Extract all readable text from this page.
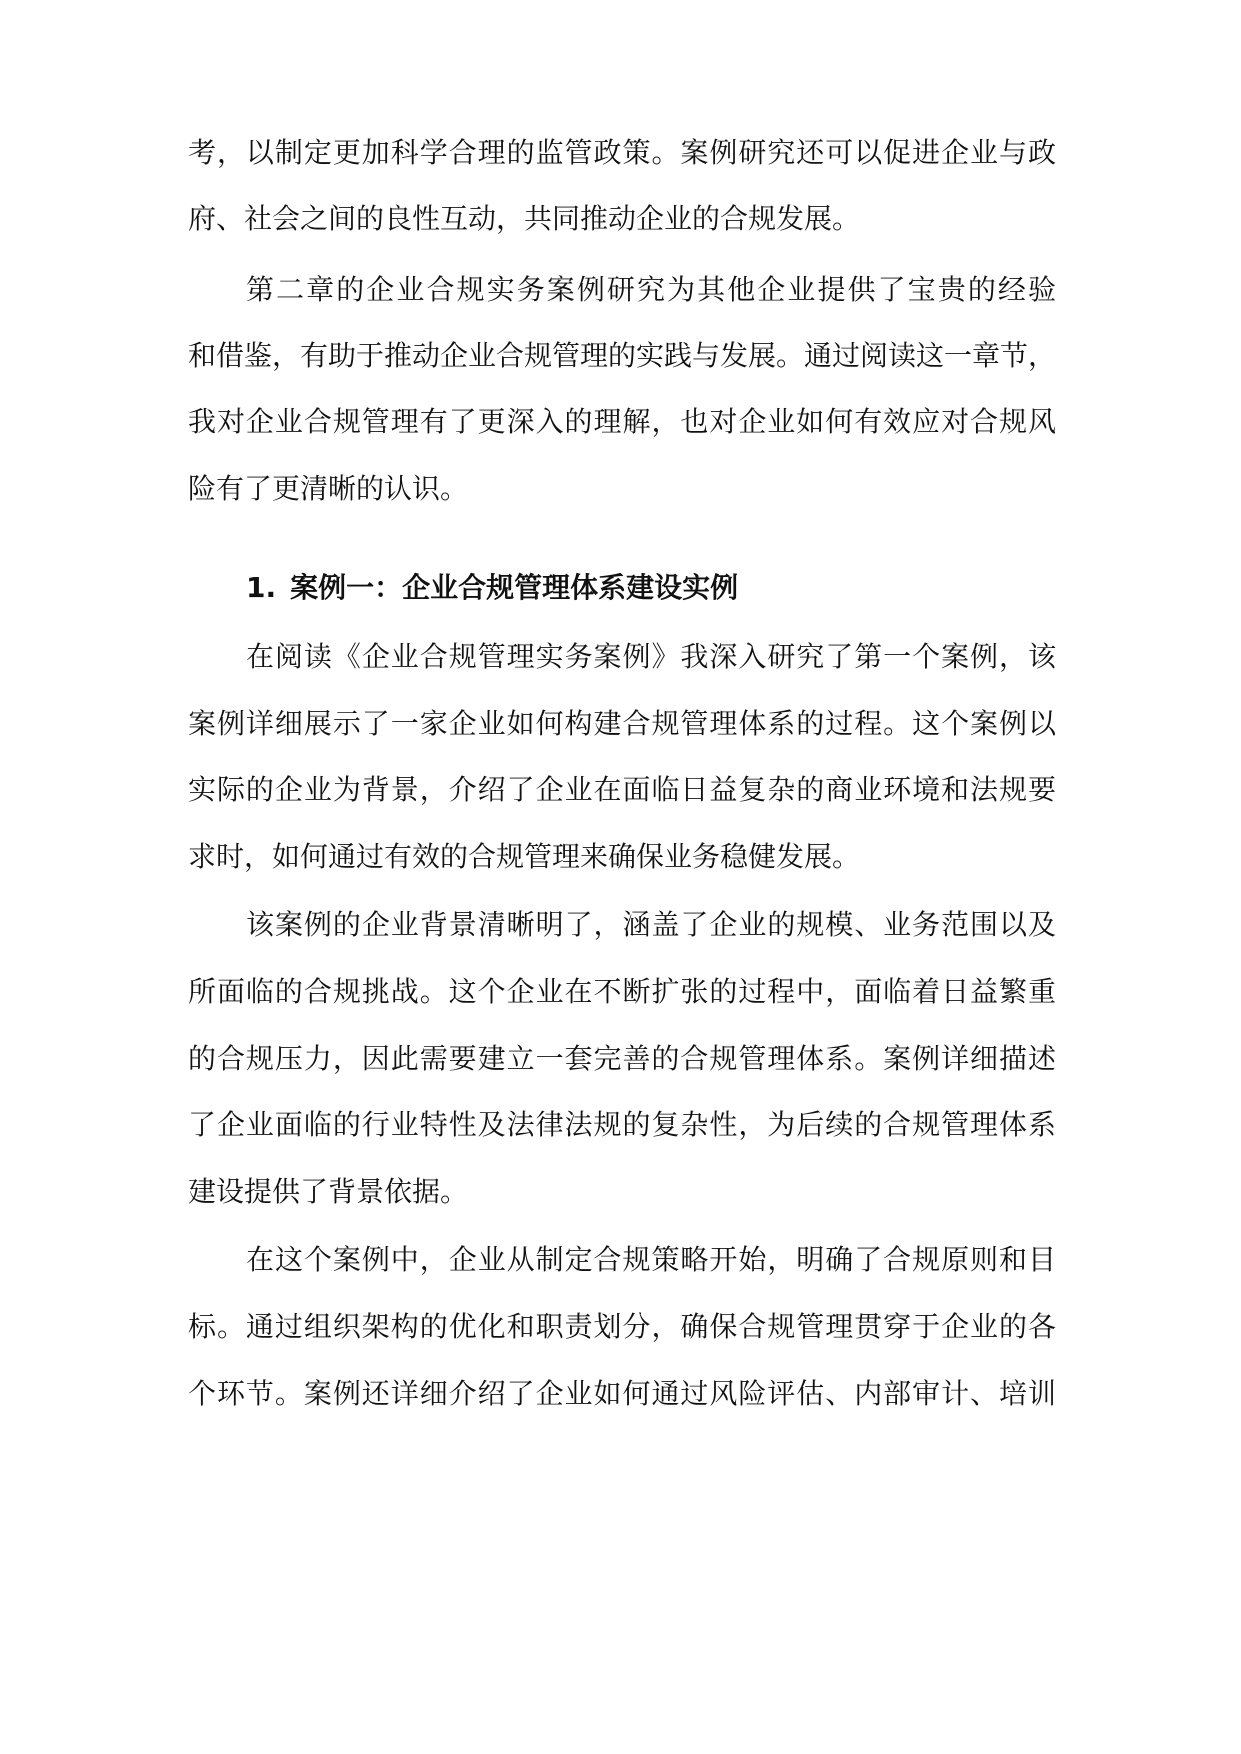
考，以制定更加科学合理的监管政策。案例研究还可以促进企业与政
府、社会之间的良性互动，共同推动企业的合规发展。
第二章的企业合规实务案例研究为其他企业提供了宝贵的经验
和借鉴，有助于推动企业合规管理的实践与发展。通过阅读这一章节，
我对企业合规管理有了更深入的理解，也对企业如何有效应对合规风
险有了更清晰的认识。
1. 案例一：企业合规管理体系建设实例
在阅读《企业合规管理实务案例》我深入研究了第一个案例，该
案例详细展示了一家企业如何构建合规管理体系的过程。这个案例以
实际的企业为背景，介绍了企业在面临日益复杂的商业环境和法规要
求时，如何通过有效的合规管理来确保业务稳健发展。
该案例的企业背景清晰明了，涵盖了企业的规模、业务范围以及
所面临的合规挑战。这个企业在不断扩张的过程中，面临着日益繁重
的合规压力，因此需要建立一套完善的合规管理体系。案例详细描述
了企业面临的行业特性及法律法规的复杂性，为后续的合规管理体系
建设提供了背景依据。
在这个案例中，企业从制定合规策略开始，明确了合规原则和目
标。通过组织架构的优化和职责划分，确保合规管理贯穿于企业的各
个环节。案例还详细介绍了企业如何通过风险评估、内部审计、培训
